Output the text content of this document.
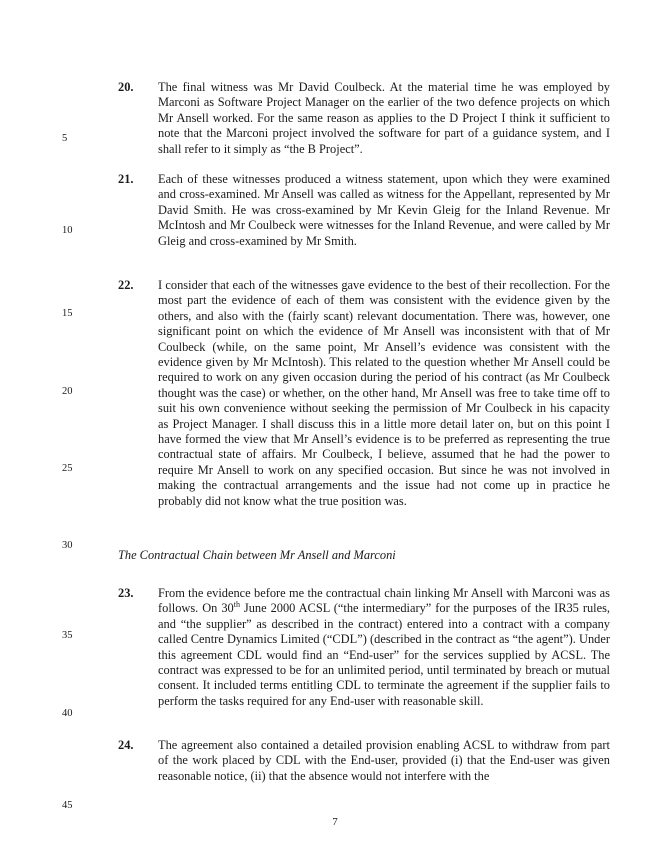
5
10
15
20
25
30
35
40
45
20. The final witness was Mr David Coulbeck. At the material time he was employed by Marconi as Software Project Manager on the earlier of the two defence projects on which Mr Ansell worked. For the same reason as applies to the D Project I think it sufficient to note that the Marconi project involved the software for part of a guidance system, and I shall refer to it simply as “the B Project”.
21. Each of these witnesses produced a witness statement, upon which they were examined and cross-examined. Mr Ansell was called as witness for the Appellant, represented by Mr David Smith. He was cross-examined by Mr Kevin Gleig for the Inland Revenue. Mr McIntosh and Mr Coulbeck were witnesses for the Inland Revenue, and were called by Mr Gleig and cross-examined by Mr Smith.
22. I consider that each of the witnesses gave evidence to the best of their recollection. For the most part the evidence of each of them was consistent with the evidence given by the others, and also with the (fairly scant) relevant documentation. There was, however, one significant point on which the evidence of Mr Ansell was inconsistent with that of Mr Coulbeck (while, on the same point, Mr Ansell’s evidence was consistent with the evidence given by Mr McIntosh). This related to the question whether Mr Ansell could be required to work on any given occasion during the period of his contract (as Mr Coulbeck thought was the case) or whether, on the other hand, Mr Ansell was free to take time off to suit his own convenience without seeking the permission of Mr Coulbeck in his capacity as Project Manager. I shall discuss this in a little more detail later on, but on this point I have formed the view that Mr Ansell’s evidence is to be preferred as representing the true contractual state of affairs. Mr Coulbeck, I believe, assumed that he had the power to require Mr Ansell to work on any specified occasion. But since he was not involved in making the contractual arrangements and the issue had not come up in practice he probably did not know what the true position was.
The Contractual Chain between Mr Ansell and Marconi
23. From the evidence before me the contractual chain linking Mr Ansell with Marconi was as follows. On 30th June 2000 ACSL (“the intermediary” for the purposes of the IR35 rules, and “the supplier” as described in the contract) entered into a contract with a company called Centre Dynamics Limited (“CDL”) (described in the contract as “the agent”). Under this agreement CDL would find an “End-user” for the services supplied by ACSL. The contract was expressed to be for an unlimited period, until terminated by breach or mutual consent. It included terms entitling CDL to terminate the agreement if the supplier fails to perform the tasks required for any End-user with reasonable skill.
24. The agreement also contained a detailed provision enabling ACSL to withdraw from part of the work placed by CDL with the End-user, provided (i) that the End-user was given reasonable notice, (ii) that the absence would not interfere with the
7
